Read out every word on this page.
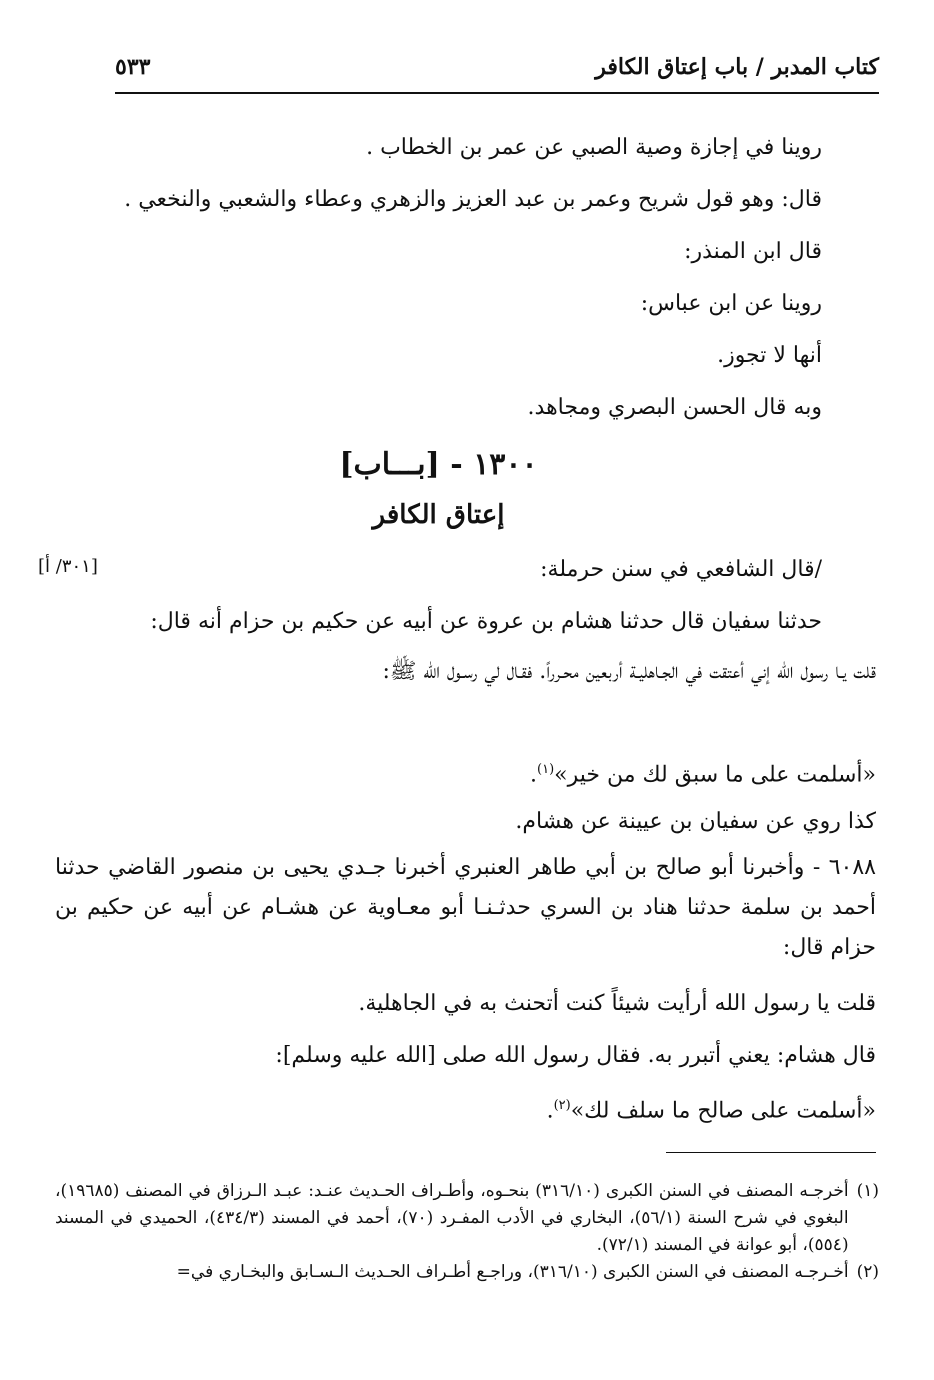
كتاب المدبر / باب إعتاق الكافر
٥٣٣
روينا في إجازة وصية الصبي عن عمر بن الخطاب .
قال: وهو قول شريح وعمر بن عبد العزيز والزهري وعطاء والشعبي والنخعي .
قال ابن المنذر:
روينا عن ابن عباس:
أنها لا تجوز.
وبه قال الحسن البصري ومجاهد.
١٣٠٠ - [بـــاب]
إعتاق الكافر
/قال الشافعي في سنن حرملة:
حدثنا سفيان قال حدثنا هشام بن عروة عن أبيه عن حكيم بن حزام أنه قال:
[٣٠١/ أ]
قلت يـا رسول الله إني أعتقت في الجـاهليـة أربعين محـرراً. فقـال لي رسـول الله ﷺ:
«أسلمت على ما سبق لك من خير»$^{(١)}$.
كذا روي عن سفيان بن عيينة عن هشام.
٦٠٨٨ - وأخبرنا أبو صالح بن أبي طاهر العنبري أخبرنا جـدي يحيى بن منصور القاضي حدثنا أحمد بن سلمة حدثنا هناد بن السري حدثـنـا أبو معـاوية عن هشـام عن أبيه عن حكيم بن حزام قال:
قلت يا رسول الله أرأيت شيئاً كنت أتحنث به في الجاهلية.
قال هشام: يعني أتبرر به. فقال رسول الله صلى [الله عليه وسلم]:
«أسلمت على صالح ما سلف لك»$^{(٢)}$.
(١)
أخرجـه المصنف في السنن الكبرى (٣١٦/١٠) بنحـوه، وأطـراف الحـديث عنـد: عبـد الـرزاق في المصنف (١٩٦٨٥)، البغوي في شرح السنة (٥٦/١)، البخاري في الأدب المفـرد (٧٠)، أحمد في المسند (٤٣٤/٣)، الحميدي في المسند (٥٥٤)، أبو عوانة في المسند (٧٢/١).
(٢)
أخـرجـه المصنف في السنن الكبرى (٣١٦/١٠)، وراجـع أطـراف الحـديث الـسـابق والبخـاري في=
